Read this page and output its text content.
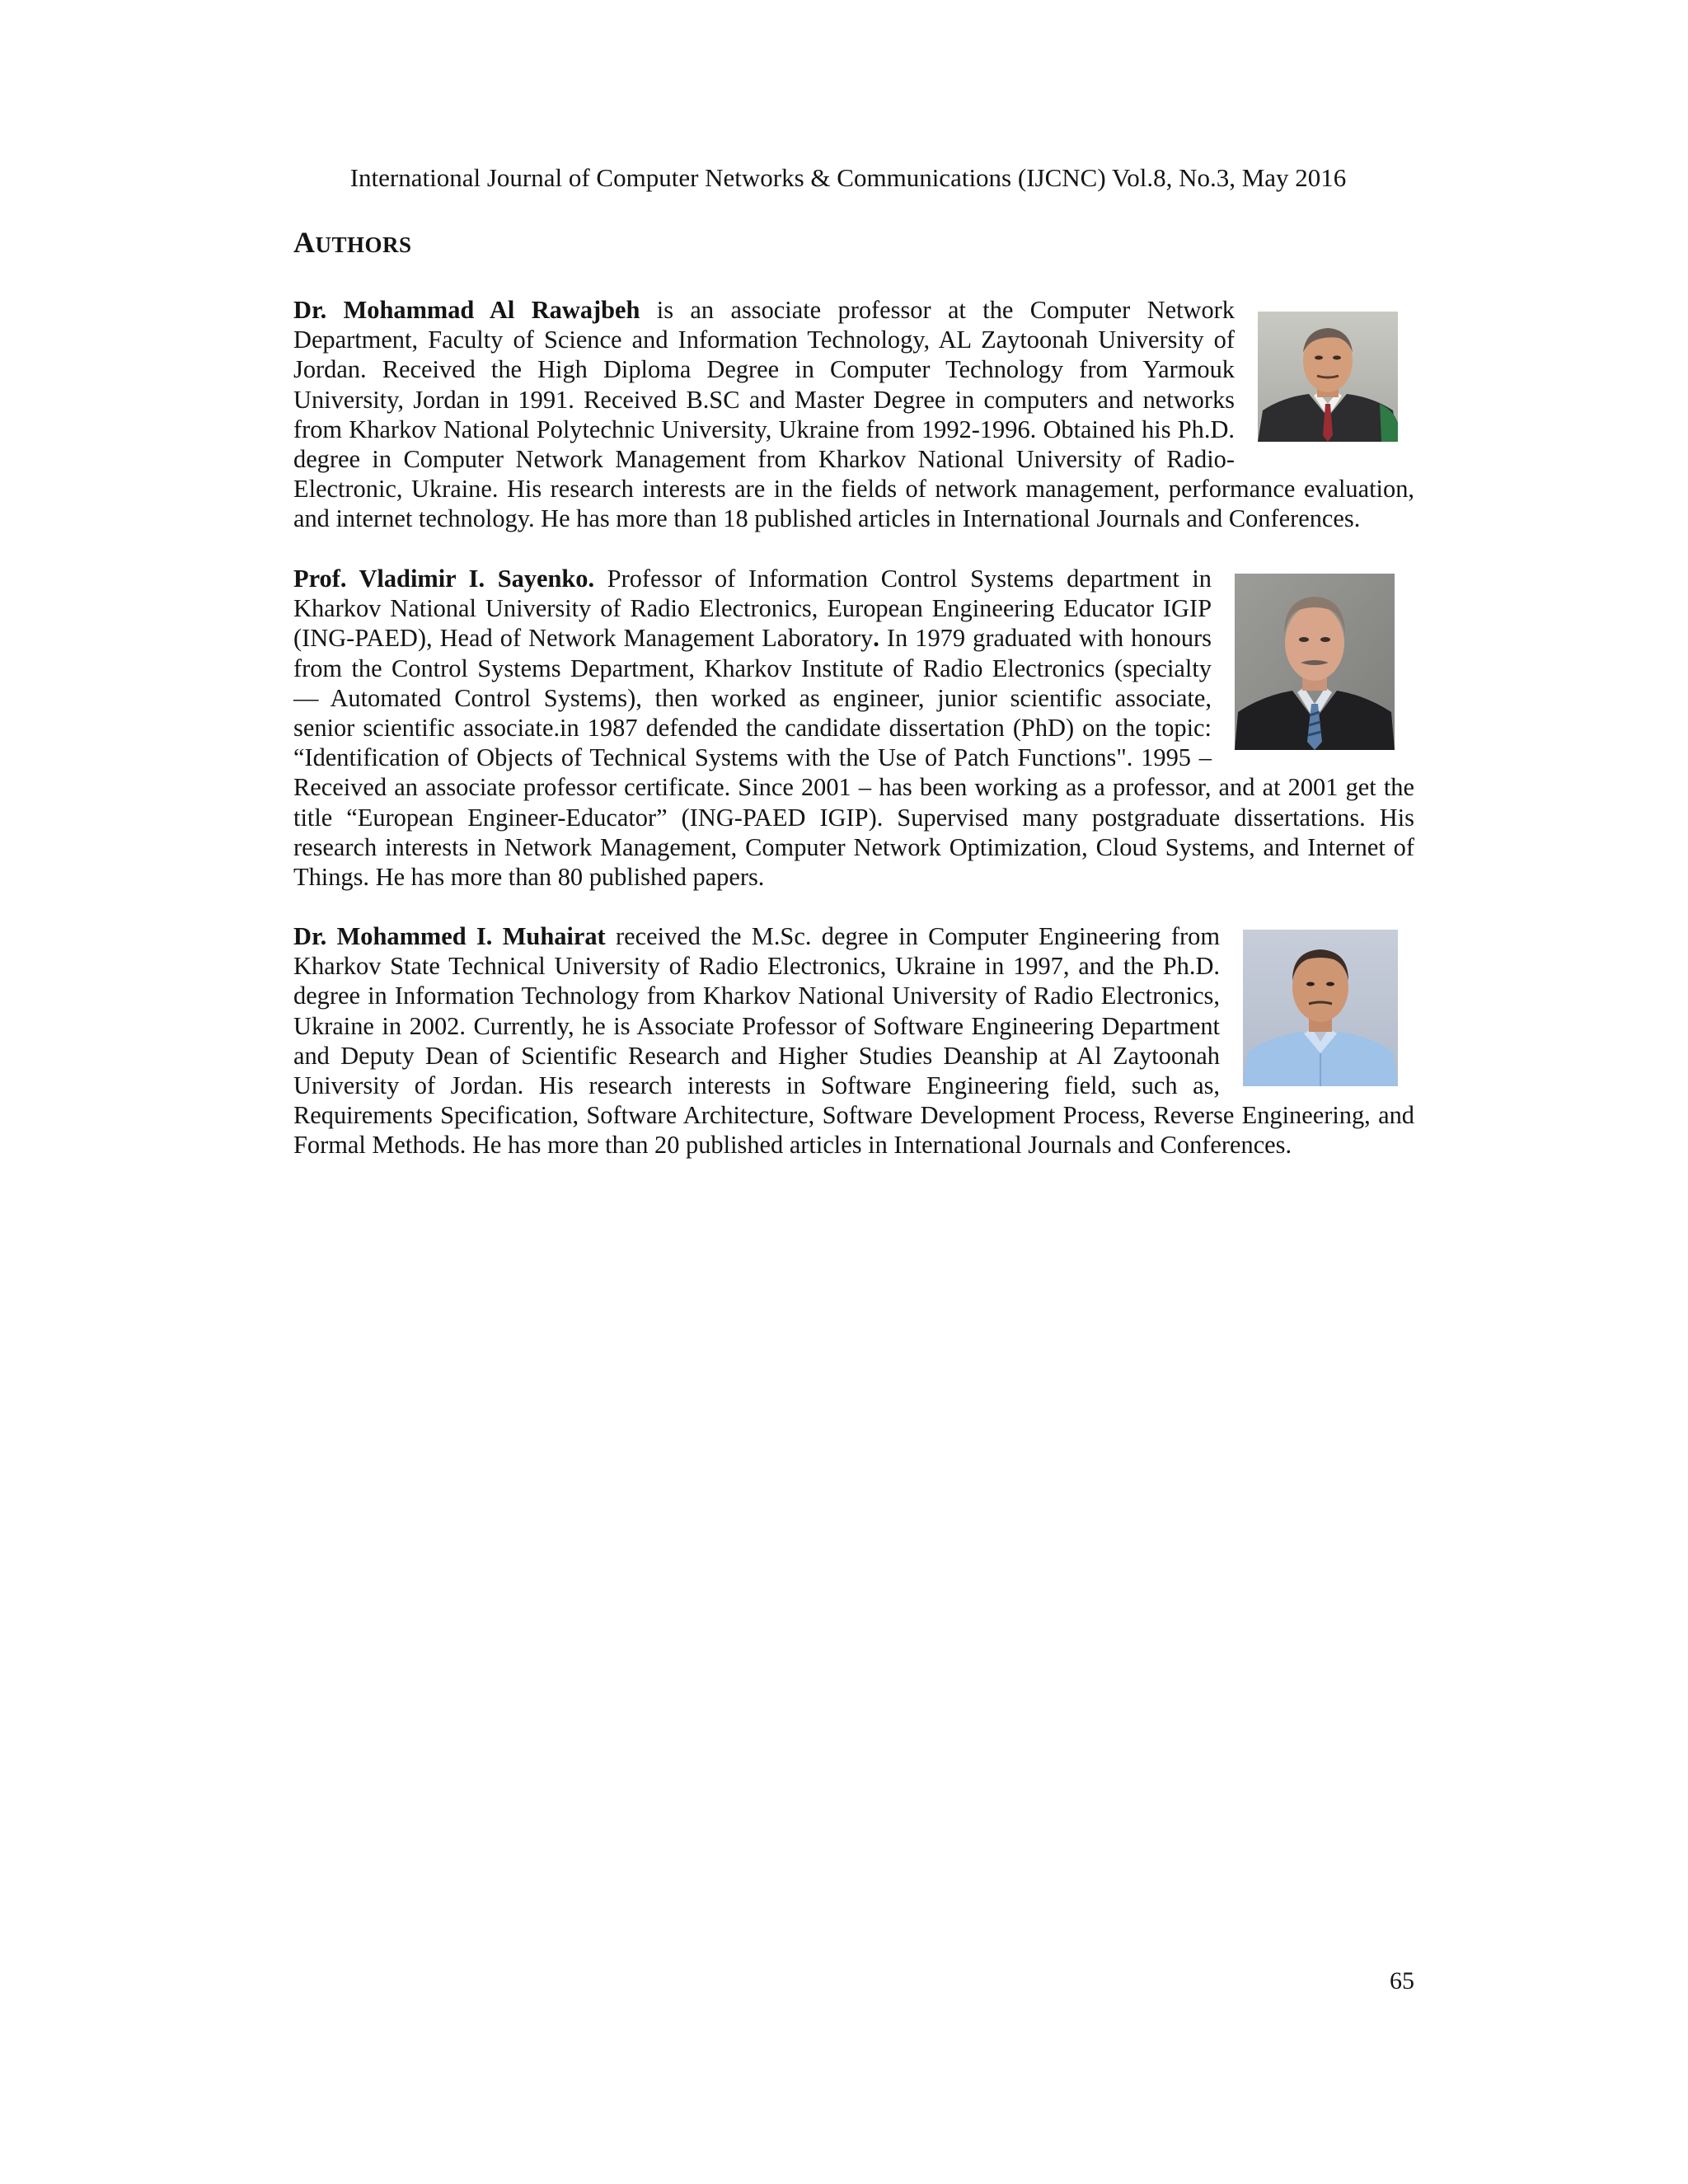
International Journal of Computer Networks & Communications (IJCNC) Vol.8, No.3, May 2016
AUTHORS

Dr. Mohammad Al Rawajbeh is an associate professor at the Computer Network Department, Faculty of Science and Information Technology, AL Zaytoonah University of Jordan. Received the High Diploma Degree in Computer Technology from Yarmouk University, Jordan in 1991. Received B.SC and Master Degree in computers and networks from Kharkov National Polytechnic University, Ukraine from 1992-1996. Obtained his Ph.D. degree in Computer Network Management from Kharkov National University of Radio-Electronic, Ukraine. His research interests are in the fields of network management, performance evaluation, and internet technology. He has more than 18 published articles in International Journals and Conferences.

Prof. Vladimir I. Sayenko. Professor of Information Control Systems department in Kharkov National University of Radio Electronics, European Engineering Educator IGIP (ING-PAED), Head of Network Management Laboratory. In 1979 graduated with honours from the Control Systems Department, Kharkov Institute of Radio Electronics (specialty — Automated Control Systems), then worked as engineer, junior scientific associate, senior scientific associate.in 1987 defended the candidate dissertation (PhD) on the topic: “Identification of Objects of Technical Systems with the Use of Patch Functions". 1995 – Received an associate professor certificate. Since 2001 – has been working as a professor, and at 2001 get the title “European Engineer-Educator” (ING-PAED IGIP). Supervised many postgraduate dissertations. His research interests in Network Management, Computer Network Optimization, Cloud Systems, and Internet of Things. He has more than 80 published papers.

Dr. Mohammed I. Muhairat received the M.Sc. degree in Computer Engineering from Kharkov State Technical University of Radio Electronics, Ukraine in 1997, and the Ph.D. degree in Information Technology from Kharkov National University of Radio Electronics, Ukraine in 2002. Currently, he is Associate Professor of Software Engineering Department and Deputy Dean of Scientific Research and Higher Studies Deanship at Al Zaytoonah University of Jordan. His research interests in Software Engineering field, such as, Requirements Specification, Software Architecture, Software Development Process, Reverse Engineering, and Formal Methods. He has more than 20 published articles in International Journals and Conferences.

65
